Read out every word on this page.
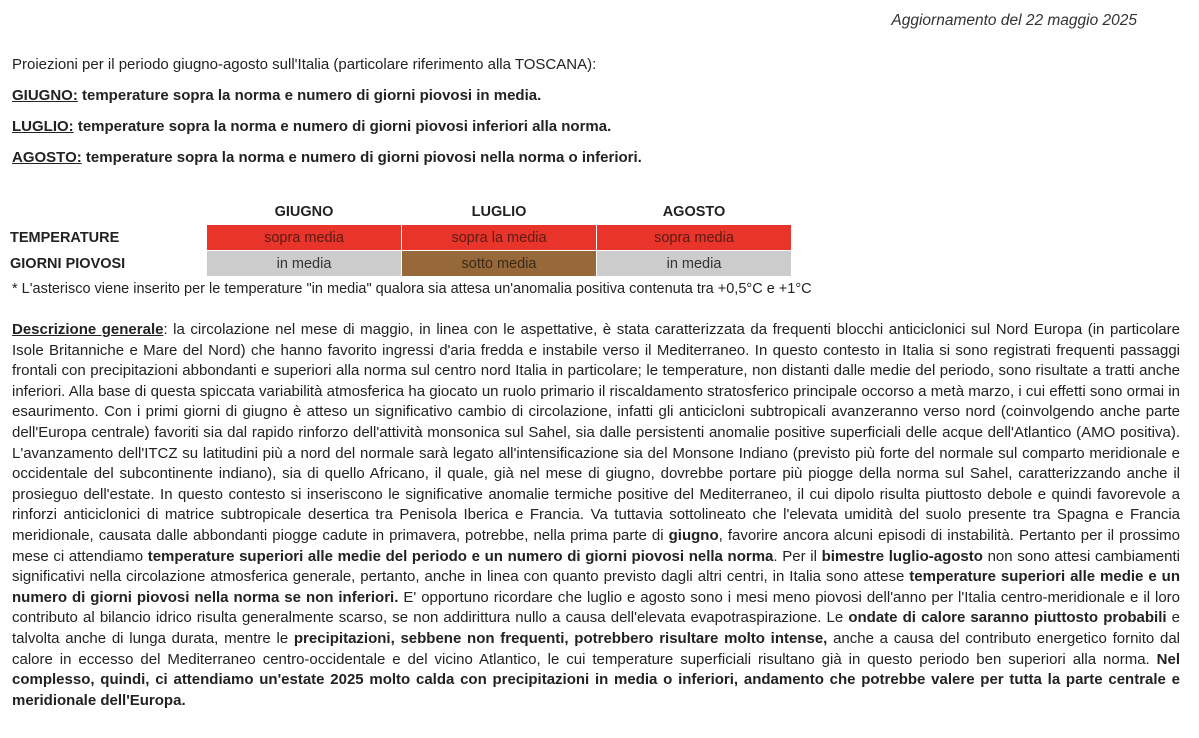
Aggiornamento del 22 maggio 2025
Proiezioni per il periodo giugno-agosto sull'Italia (particolare riferimento alla TOSCANA):
GIUGNO: temperature sopra la norma e numero di giorni piovosi in media.
LUGLIO: temperature sopra la norma e numero di giorni piovosi inferiori alla norma.
AGOSTO: temperature sopra la norma e numero di giorni piovosi nella norma o inferiori.
	GIUGNO	LUGLIO	AGOSTO
TEMPERATURE	sopra media	sopra la media	sopra media
GIORNI PIOVOSI	in media	sotto media	in media
* L'asterisco viene inserito per le temperature "in media" qualora sia attesa un'anomalia positiva contenuta tra +0,5°C e +1°C

Descrizione generale: la circolazione nel mese di maggio, in linea con le aspettative, è stata caratterizzata da frequenti blocchi anticiclonici sul Nord Europa (in particolare Isole Britanniche e Mare del Nord) che hanno favorito ingressi d'aria fredda e instabile verso il Mediterraneo. In questo contesto in Italia si sono registrati frequenti passaggi frontali con precipitazioni abbondanti e superiori alla norma sul centro nord Italia in particolare; le temperature, non distanti dalle medie del periodo, sono risultate a tratti anche inferiori. Alla base di questa spiccata variabilità atmosferica ha giocato un ruolo primario il riscaldamento stratosferico principale occorso a metà marzo, i cui effetti sono ormai in esaurimento. Con i primi giorni di giugno è atteso un significativo cambio di circolazione, infatti gli anticicloni subtropicali avanzeranno verso nord (coinvolgendo anche parte dell'Europa centrale) favoriti sia dal rapido rinforzo dell'attività monsonica sul Sahel, sia dalle persistenti anomalie positive superficiali delle acque dell'Atlantico (AMO positiva). L'avanzamento dell'ITCZ su latitudini più a nord del normale sarà legato all'intensificazione sia del Monsone Indiano (previsto più forte del normale sul comparto meridionale e occidentale del subcontinente indiano), sia di quello Africano, il quale, già nel mese di giugno, dovrebbe portare più piogge della norma sul Sahel, caratterizzando anche il prosieguo dell'estate. In questo contesto si inseriscono le significative anomalie termiche positive del Mediterraneo, il cui dipolo risulta piuttosto debole e quindi favorevole a rinforzi anticiclonici di matrice subtropicale desertica tra Penisola Iberica e Francia. Va tuttavia sottolineato che l'elevata umidità del suolo presente tra Spagna e Francia meridionale, causata dalle abbondanti piogge cadute in primavera, potrebbe, nella prima parte di giugno, favorire ancora alcuni episodi di instabilità. Pertanto per il prossimo mese ci attendiamo temperature superiori alle medie del periodo e un numero di giorni piovosi nella norma. Per il bimestre luglio-agosto non sono attesi cambiamenti significativi nella circolazione atmosferica generale, pertanto, anche in linea con quanto previsto dagli altri centri, in Italia sono attese temperature superiori alle medie e un numero di giorni piovosi nella norma se non inferiori. E' opportuno ricordare che luglio e agosto sono i mesi meno piovosi dell'anno per l'Italia centro-meridionale e il loro contributo al bilancio idrico risulta generalmente scarso, se non addirittura nullo a causa dell'elevata evapotraspirazione. Le ondate di calore saranno piuttosto probabili e talvolta anche di lunga durata, mentre le precipitazioni, sebbene non frequenti, potrebbero risultare molto intense, anche a causa del contributo energetico fornito dal calore in eccesso del Mediterraneo centro-occidentale e del vicino Atlantico, le cui temperature superficiali risultano già in questo periodo ben superiori alla norma. Nel complesso, quindi, ci attendiamo un'estate 2025 molto calda con precipitazioni in media o inferiori, andamento che potrebbe valere per tutta la parte centrale e meridionale dell'Europa.
